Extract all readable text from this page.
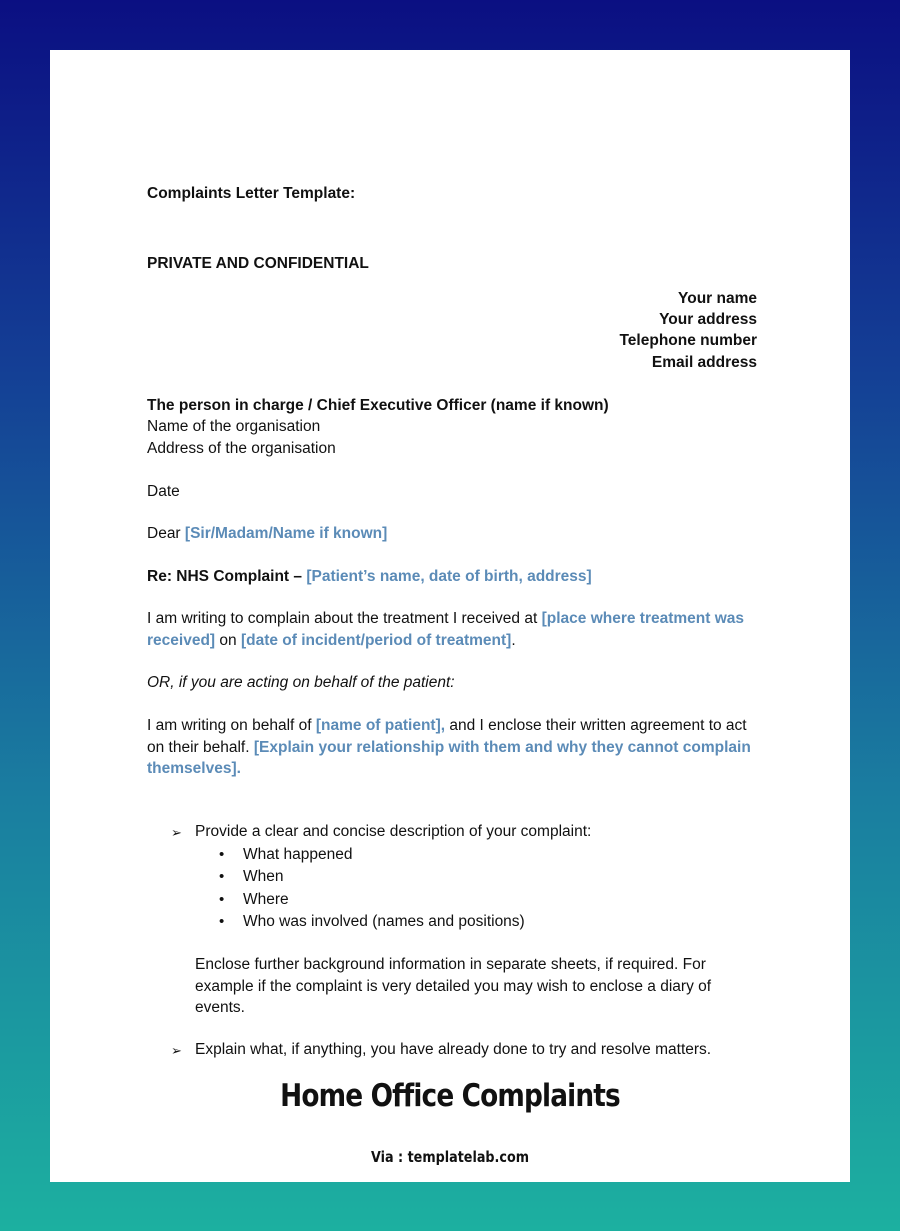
Complaints Letter Template:
PRIVATE AND CONFIDENTIAL
Your name
Your address
Telephone number
Email address
The person in charge / Chief Executive Officer (name if known)
Name of the organisation
Address of the organisation
Date
Dear [Sir/Madam/Name if known]
Re: NHS Complaint – [Patient’s name, date of birth, address]
I am writing to complain about the treatment I received at [place where treatment was received] on [date of incident/period of treatment].
OR, if you are acting on behalf of the patient:
I am writing on behalf of [name of patient], and I enclose their written agreement to act on their behalf. [Explain your relationship with them and why they cannot complain themselves].
➢ Provide a clear and concise description of your complaint:
• What happened
• When
• Where
• Who was involved (names and positions)
Enclose further background information in separate sheets, if required. For example if the complaint is very detailed you may wish to enclose a diary of events.
➢ Explain what, if anything, you have already done to try and resolve matters.
Home Office Complaints
Via : templatelab.com
